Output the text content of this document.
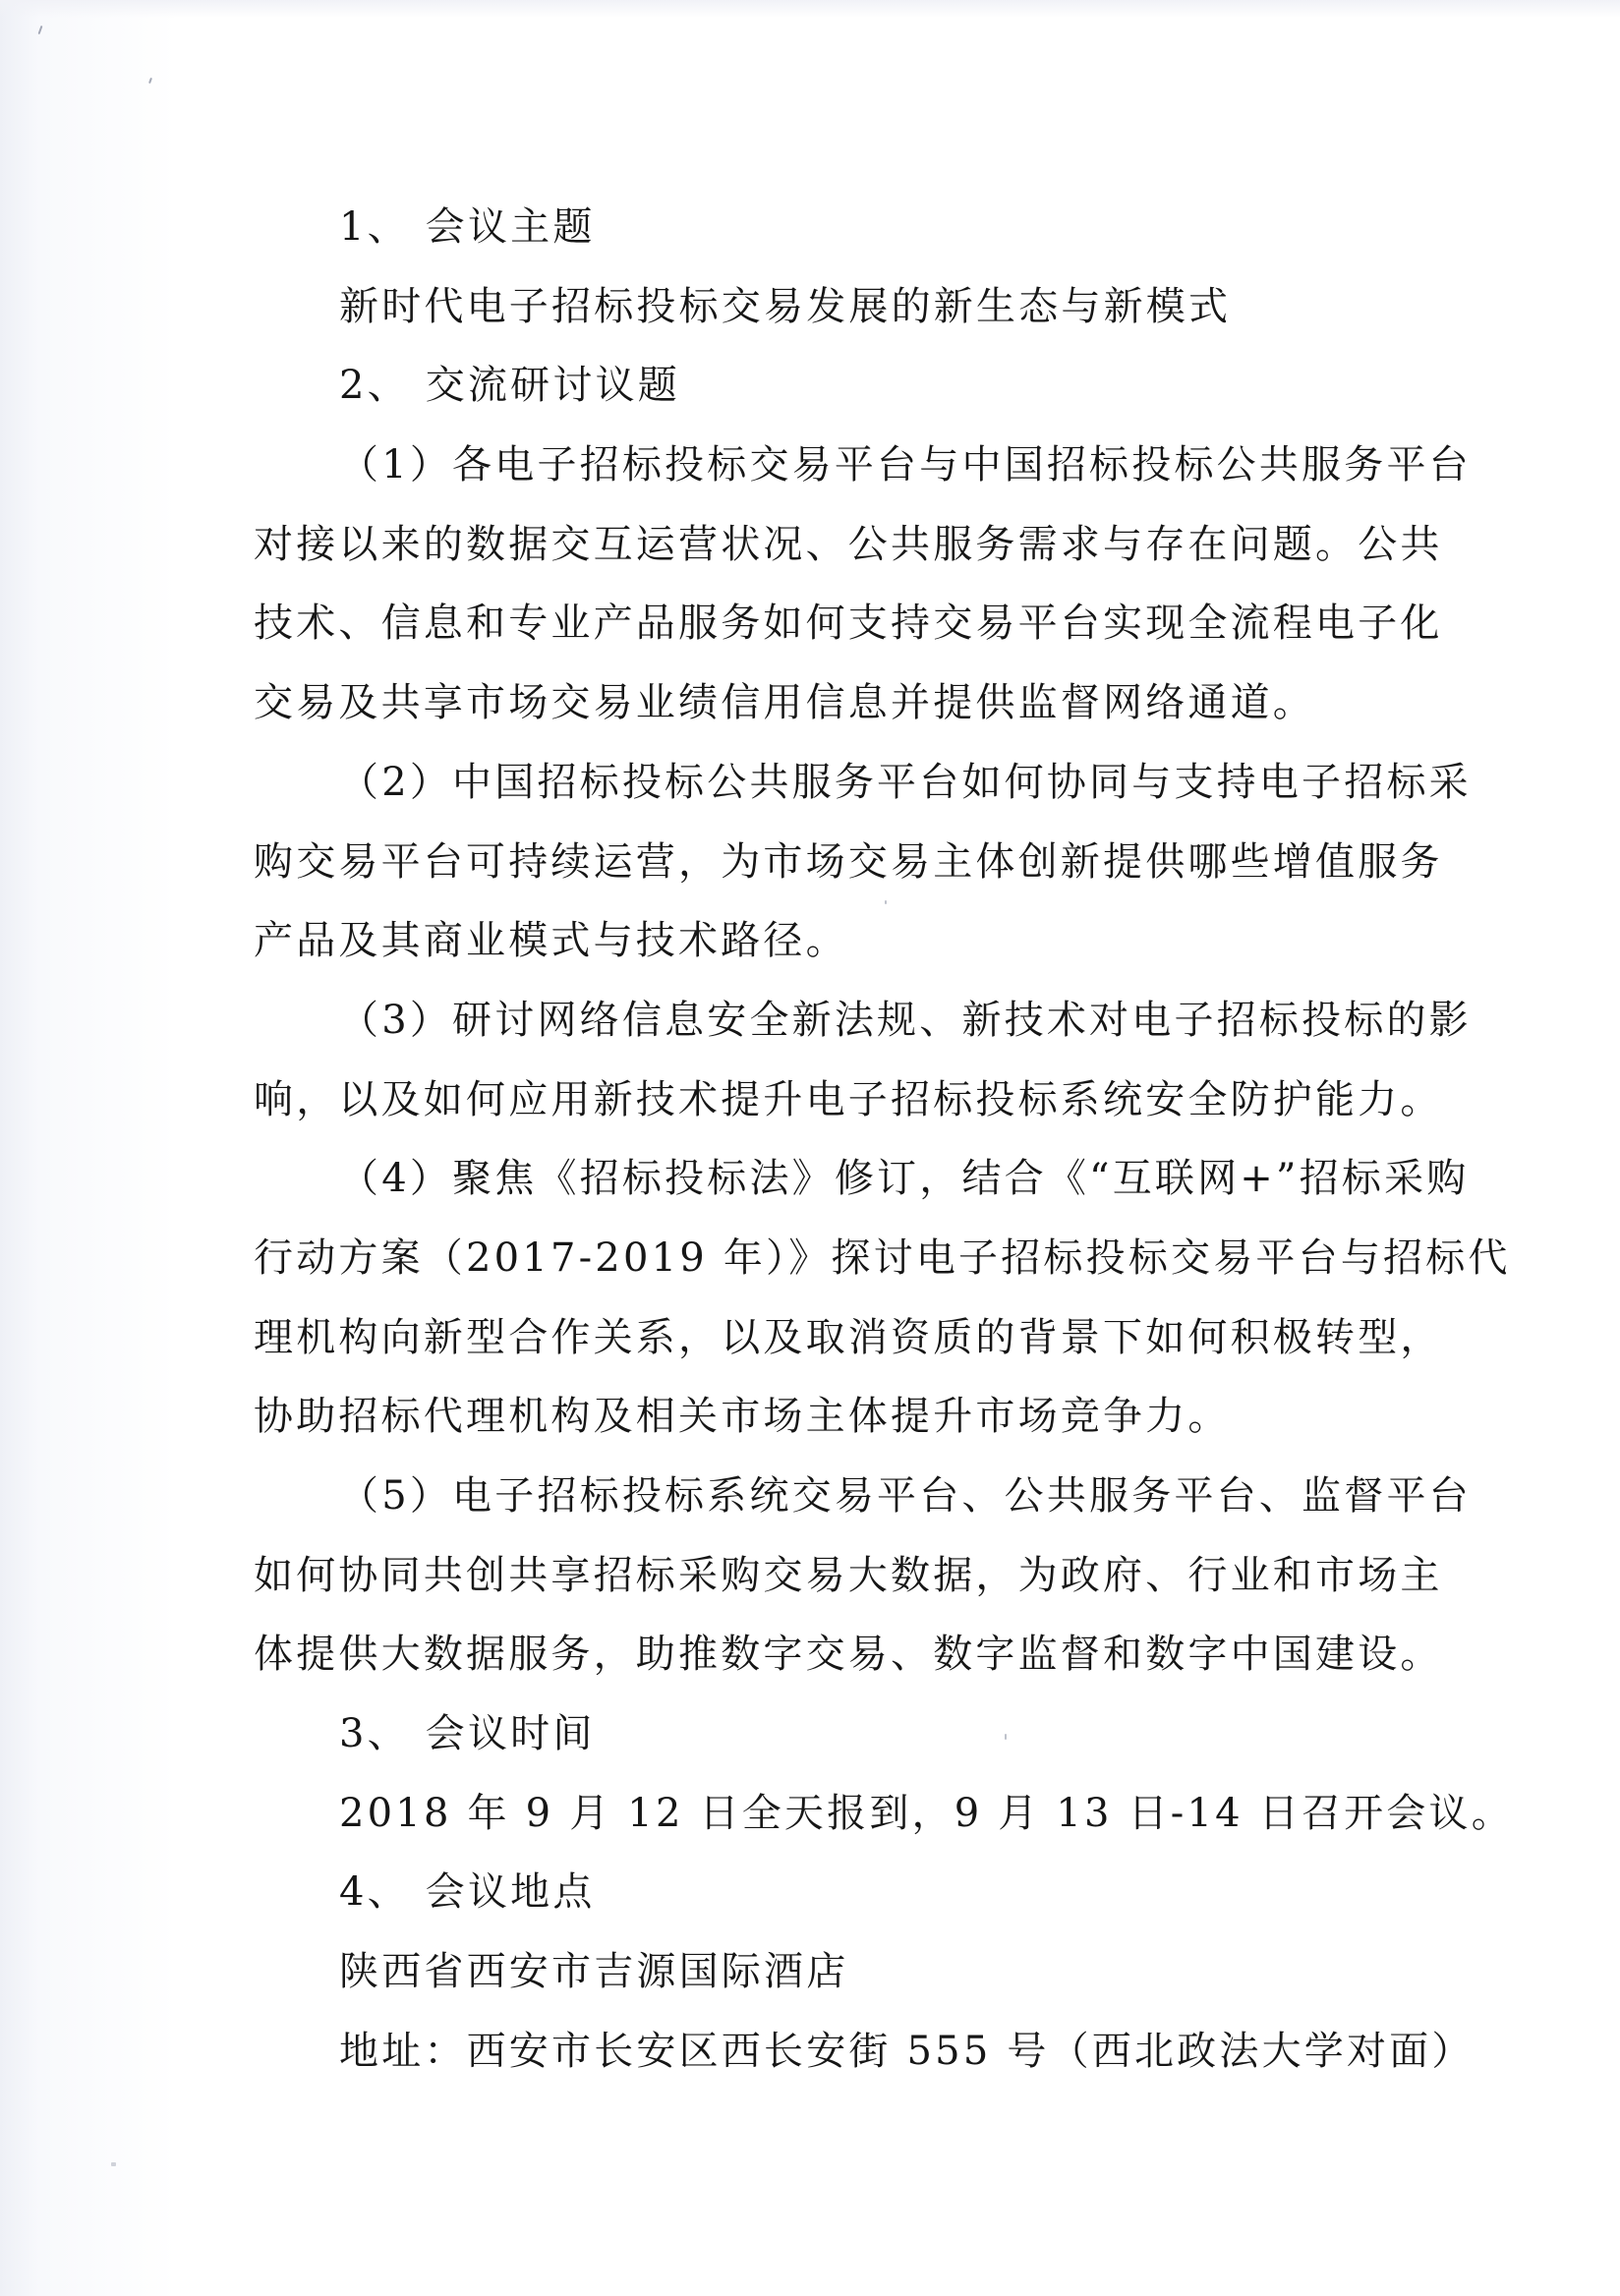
1、 会议主题
新时代电子招标投标交易发展的新生态与新模式
2、 交流研讨议题
（1）各电子招标投标交易平台与中国招标投标公共服务平台
对接以来的数据交互运营状况、公共服务需求与存在问题。公共
技术、信息和专业产品服务如何支持交易平台实现全流程电子化
交易及共享市场交易业绩信用信息并提供监督网络通道。
（2）中国招标投标公共服务平台如何协同与支持电子招标采
购交易平台可持续运营，为市场交易主体创新提供哪些增值服务
产品及其商业模式与技术路径。
（3）研讨网络信息安全新法规、新技术对电子招标投标的影
响，以及如何应用新技术提升电子招标投标系统安全防护能力。
（4）聚焦《招标投标法》修订，结合《“互联网+”招标采购
行动方案（2017-2019 年）》探讨电子招标投标交易平台与招标代
理机构向新型合作关系，以及取消资质的背景下如何积极转型，
协助招标代理机构及相关市场主体提升市场竞争力。
（5）电子招标投标系统交易平台、公共服务平台、监督平台
如何协同共创共享招标采购交易大数据，为政府、行业和市场主
体提供大数据服务，助推数字交易、数字监督和数字中国建设。
3、 会议时间
2018 年 9 月 12 日全天报到，9 月 13 日-14 日召开会议。
4、 会议地点
陕西省西安市吉源国际酒店
地址：西安市长安区西长安街 555 号（西北政法大学对面）
